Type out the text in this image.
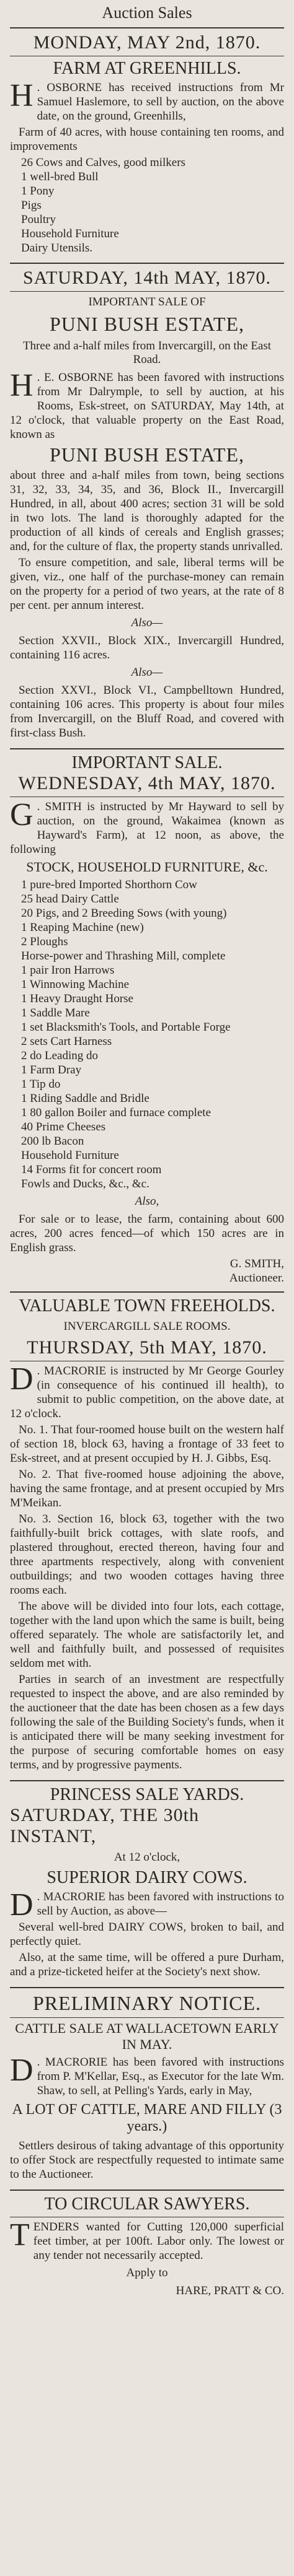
Auction Sales
MONDAY, MAY 2nd, 1870.
FARM AT GREENHILLS.
H . OSBORNE has received instructions from Mr Samuel Haslemore, to sell by auction, on the above date, on the ground, Greenhills,
Farm of 40 acres, with house containing ten rooms, and improvements
26 Cows and Calves, good milkers
1 well-bred Bull
1 Pony
Pigs
Poultry
Household Furniture
Dairy Utensils.
SATURDAY, 14th MAY, 1870.
IMPORTANT SALE OF
PUNI BUSH ESTATE,
Three and a-half miles from Invercargill, on the East Road.
H . E. OSBORNE has been favored with instructions from Mr Dalrymple, to sell by auction, at his Rooms, Esk-street, on SATURDAY, May 14th, at 12 o'clock, that valuable property on the East Road, known as
PUNI BUSH ESTATE,
about three and a-half miles from town, being sections 31, 32, 33, 34, 35, and 36, Block II., Invercargill Hundred, in all, about 400 acres; section 31 will be sold in two lots. The land is thoroughly adapted for the production of all kinds of cereals and English grasses; and, for the culture of flax, the property stands unrivalled.
To ensure competition, and sale, liberal terms will be given, viz., one half of the purchase-money can remain on the property for a period of two years, at the rate of 8 per cent. per annum interest.
Also—
Section XXVII., Block XIX., Invercargill Hundred, containing 116 acres.
Also—
Section XXVI., Block VI., Campbelltown Hundred, containing 106 acres. This property is about four miles from Invercargill, on the Bluff Road, and covered with first-class Bush.
IMPORTANT SALE.
WEDNESDAY, 4th MAY, 1870.
G . SMITH is instructed by Mr Hayward to sell by auction, on the ground, Wakaimea (known as Hayward's Farm), at 12 noon, as above, the following
STOCK, HOUSEHOLD FURNITURE, &c.
1 pure-bred Imported Shorthorn Cow
25 head Dairy Cattle
20 Pigs, and 2 Breeding Sows (with young)
1 Reaping Machine (new)
2 Ploughs
Horse-power and Thrashing Mill, complete
1 pair Iron Harrows
1 Winnowing Machine
1 Heavy Draught Horse
1 Saddle Mare
1 set Blacksmith's Tools, and Portable Forge
2 sets Cart Harness
2 do Leading do
1 Farm Dray
1 Tip do
1 Riding Saddle and Bridle
1 80 gallon Boiler and furnace complete
40 Prime Cheeses
200 lb Bacon
Household Furniture
14 Forms fit for concert room
Fowls and Ducks, &c., &c.
Also,
For sale or to lease, the farm, containing about 600 acres, 200 acres fenced—of which 150 acres are in English grass.
G. SMITH,
Auctioneer.
VALUABLE TOWN FREEHOLDS.
INVERCARGILL SALE ROOMS.
THURSDAY, 5th MAY, 1870.
D . MACRORIE is instructed by Mr George Gourley (in consequence of his continued ill health), to submit to public competition, on the above date, at 12 o'clock.
No. 1. That four-roomed house built on the western half of section 18, block 63, having a frontage of 33 feet to Esk-street, and at present occupied by H. J. Gibbs, Esq.
No. 2. That five-roomed house adjoining the above, having the same frontage, and at present occupied by Mrs M'Meikan.
No. 3. Section 16, block 63, together with the two faithfully-built brick cottages, with slate roofs, and plastered throughout, erected thereon, having four and three apartments respectively, along with convenient outbuildings; and two wooden cottages having three rooms each.
The above will be divided into four lots, each cottage, together with the land upon which the same is built, being offered separately. The whole are satisfactorily let, and well and faithfully built, and possessed of requisites seldom met with.
Parties in search of an investment are respectfully requested to inspect the above, and are also reminded by the auctioneer that the date has been chosen as a few days following the sale of the Building Society's funds, when it is anticipated there will be many seeking investment for the purpose of securing comfortable homes on easy terms, and by progressive payments.
PRINCESS SALE YARDS.
SATURDAY, THE 30th INSTANT,
At 12 o'clock,
SUPERIOR DAIRY COWS.
D . MACRORIE has been favored with instructions to sell by Auction, as above—
Several well-bred DAIRY COWS, broken to bail, and perfectly quiet.
Also, at the same time, will be offered a pure Durham, and a prize-ticketed heifer at the Society's next show.
PRELIMINARY NOTICE.
CATTLE SALE AT WALLACETOWN EARLY IN MAY.
D . MACRORIE has been favored with instructions from P. M'Kellar, Esq., as Executor for the late Wm. Shaw, to sell, at Pelling's Yards, early in May,
A LOT OF CATTLE, MARE AND FILLY (3 years.)
Settlers desirous of taking advantage of this opportunity to offer Stock are respectfully requested to intimate same to the Auctioneer.
TO CIRCULAR SAWYERS.
T ENDERS wanted for Cutting 120,000 superficial feet timber, at per 100ft. Labor only. The lowest or any tender not necessarily accepted.
Apply to
HARE, PRATT & CO.
